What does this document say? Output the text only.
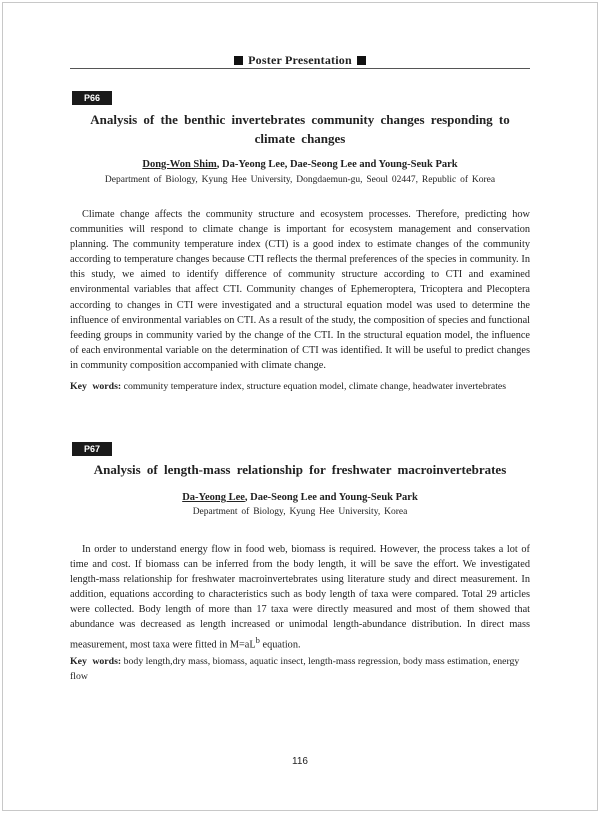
Poster Presentation
P66
Analysis of the benthic invertebrates community changes responding to climate changes
Dong-Won Shim, Da-Yeong Lee, Dae-Seong Lee and Young-Seuk Park
Department of Biology, Kyung Hee University, Dongdaemun-gu, Seoul 02447, Republic of Korea
Climate change affects the community structure and ecosystem processes. Therefore, predicting how communities will respond to climate change is important for ecosystem management and conservation planning. The community temperature index (CTI) is a good index to estimate changes of the community according to temperature changes because CTI reflects the thermal preferences of the species in community. In this study, we aimed to identify difference of community structure according to CTI and examined environmental variables that affect CTI. Community changes of Ephemeroptera, Tricoptera and Plecoptera according to changes in CTI were investigated and a structural equation model was used to determine the influence of environmental variables on CTI. As a result of the study, the composition of species and functional feeding groups in community varied by the change of the CTI. In the structural equation model, the influence of each environmental variable on the determination of CTI was identified. It will be useful to predict changes in community composition accompanied with climate change.
Key words: community temperature index, structure equation model, climate change, headwater invertebrates
P67
Analysis of length-mass relationship for freshwater macroinvertebrates
Da-Yeong Lee, Dae-Seong Lee and Young-Seuk Park
Department of Biology, Kyung Hee University, Korea
In order to understand energy flow in food web, biomass is required. However, the process takes a lot of time and cost. If biomass can be inferred from the body length, it will be save the effort. We investigated length-mass relationship for freshwater macroinvertebrates using literature study and direct measurement. In addition, equations according to characteristics such as body length of taxa were compared. Total 29 articles were collected. Body length of more than 17 taxa were directly measured and most of them showed that abundance was decreased as length increased or unimodal length-abundance distribution. In direct mass measurement, most taxa were fitted in $M=aL^b$ equation.
Key words: body length,dry mass, biomass, aquatic insect, length-mass regression, body mass estimation, energy flow
116
